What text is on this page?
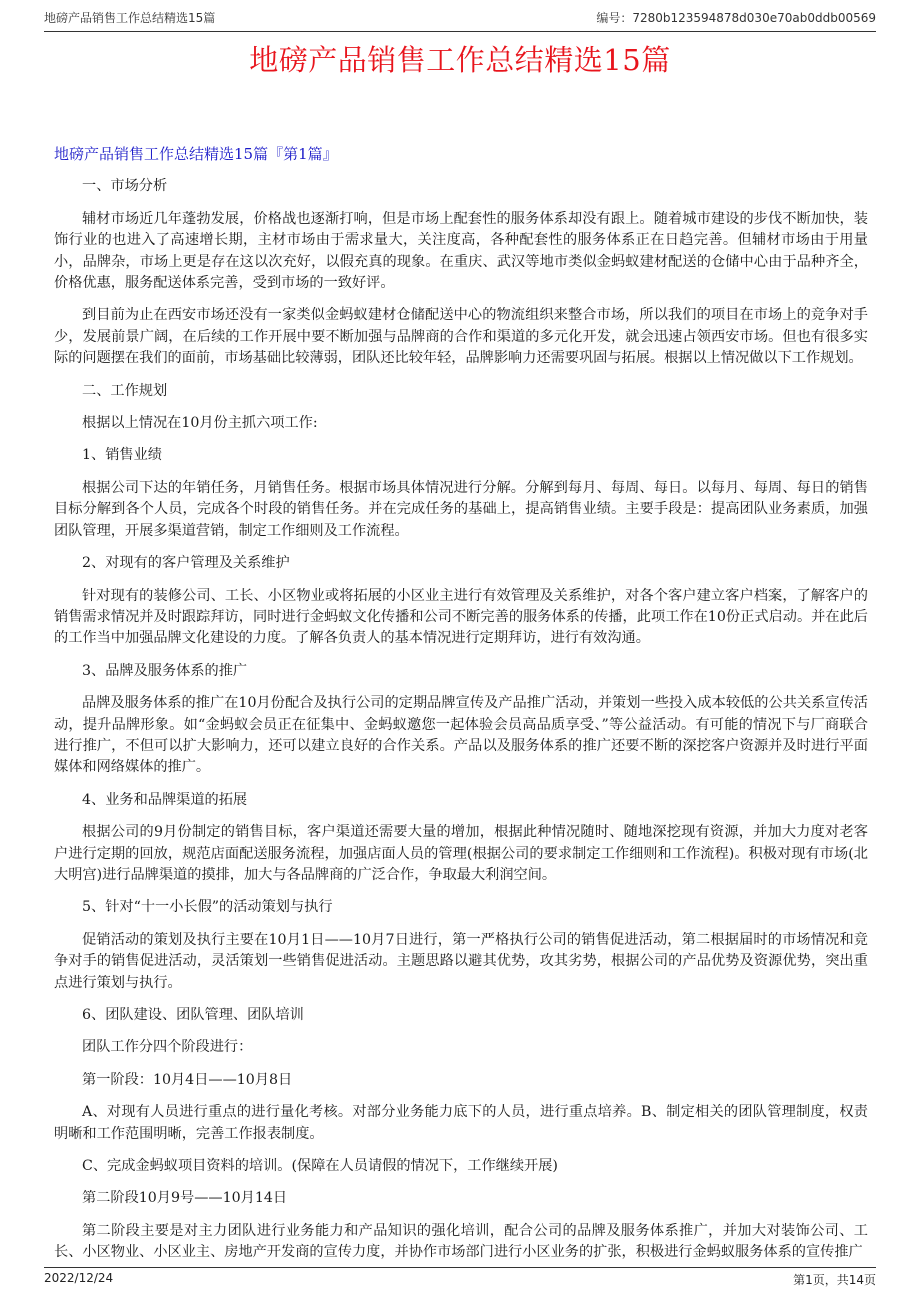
地磅产品销售工作总结精选15篇	编号：7280b123594878d030e70ab0ddb00569
地磅产品销售工作总结精选15篇
地磅产品销售工作总结精选15篇『第1篇』

一、市场分析

辅材市场近几年蓬勃发展，价格战也逐渐打响，但是市场上配套性的服务体系却没有跟上。随着城市建设的步伐不断加快，装饰行业的也进入了高速增长期，主材市场由于需求量大，关注度高，各种配套性的服务体系正在日趋完善。但辅材市场由于用量小，品牌杂，市场上更是存在这以次充好，以假充真的现象。在重庆、武汉等地市类似金蚂蚁建材配送的仓储中心由于品种齐全，价格优惠，服务配送体系完善，受到市场的一致好评。

到目前为止在西安市场还没有一家类似金蚂蚁建材仓储配送中心的物流组织来整合市场，所以我们的项目在市场上的竞争对手少，发展前景广阔，在后续的工作开展中要不断加强与品牌商的合作和渠道的多元化开发，就会迅速占领西安市场。但也有很多实际的问题摆在我们的面前，市场基础比较薄弱，团队还比较年轻，品牌影响力还需要巩固与拓展。根据以上情况做以下工作规划。

二、工作规划

根据以上情况在10月份主抓六项工作:

1、销售业绩

根据公司下达的年销任务，月销售任务。根据市场具体情况进行分解。分解到每月、每周、每日。以每月、每周、每日的销售目标分解到各个人员，完成各个时段的销售任务。并在完成任务的基础上，提高销售业绩。主要手段是：提高团队业务素质，加强团队管理，开展多渠道营销，制定工作细则及工作流程。

2、对现有的客户管理及关系维护

针对现有的装修公司、工长、小区物业或将拓展的小区业主进行有效管理及关系维护，对各个客户建立客户档案，了解客户的销售需求情况并及时跟踪拜访，同时进行金蚂蚁文化传播和公司不断完善的服务体系的传播，此项工作在10份正式启动。并在此后的工作当中加强品牌文化建设的力度。了解各负责人的基本情况进行定期拜访，进行有效沟通。

3、品牌及服务体系的推广

品牌及服务体系的推广在10月份配合及执行公司的定期品牌宣传及产品推广活动，并策划一些投入成本较低的公共关系宣传活动，提升品牌形象。如“金蚂蚁会员正在征集中、金蚂蚁邀您一起体验会员高品质享受、”等公益活动。有可能的情况下与厂商联合进行推广，不但可以扩大影响力，还可以建立良好的合作关系。产品以及服务体系的推广还要不断的深挖客户资源并及时进行平面媒体和网络媒体的推广。

4、业务和品牌渠道的拓展

根据公司的9月份制定的销售目标，客户渠道还需要大量的增加，根据此种情况随时、随地深挖现有资源，并加大力度对老客户进行定期的回放，规范店面配送服务流程，加强店面人员的管理(根据公司的要求制定工作细则和工作流程)。积极对现有市场(北大明宫)进行品牌渠道的摸排，加大与各品牌商的广泛合作，争取最大利润空间。

5、针对“十一小长假”的活动策划与执行

促销活动的策划及执行主要在10月1日——10月7日进行，第一严格执行公司的销售促进活动，第二根据届时的市场情况和竞争对手的销售促进活动，灵活策划一些销售促进活动。主题思路以避其优势，攻其劣势，根据公司的产品优势及资源优势，突出重点进行策划与执行。

6、团队建设、团队管理、团队培训

团队工作分四个阶段进行：

第一阶段：10月4日——10月8日

A、对现有人员进行重点的进行量化考核。对部分业务能力底下的人员，进行重点培养。B、制定相关的团队管理制度，权责明晰和工作范围明晰，完善工作报表制度。

C、完成金蚂蚁项目资料的培训。(保障在人员请假的情况下，工作继续开展)

第二阶段10月9号——10月14日

第二阶段主要是对主力团队进行业务能力和产品知识的强化培训，配合公司的品牌及服务体系推广，并加大对装饰公司、工长、小区物业、小区业主、房地产开发商的宣传力度，并协作市场部门进行小区业务的扩张，积极进行金蚂蚁服务体系的宣传推广

2022/12/24	第1页，共14页
